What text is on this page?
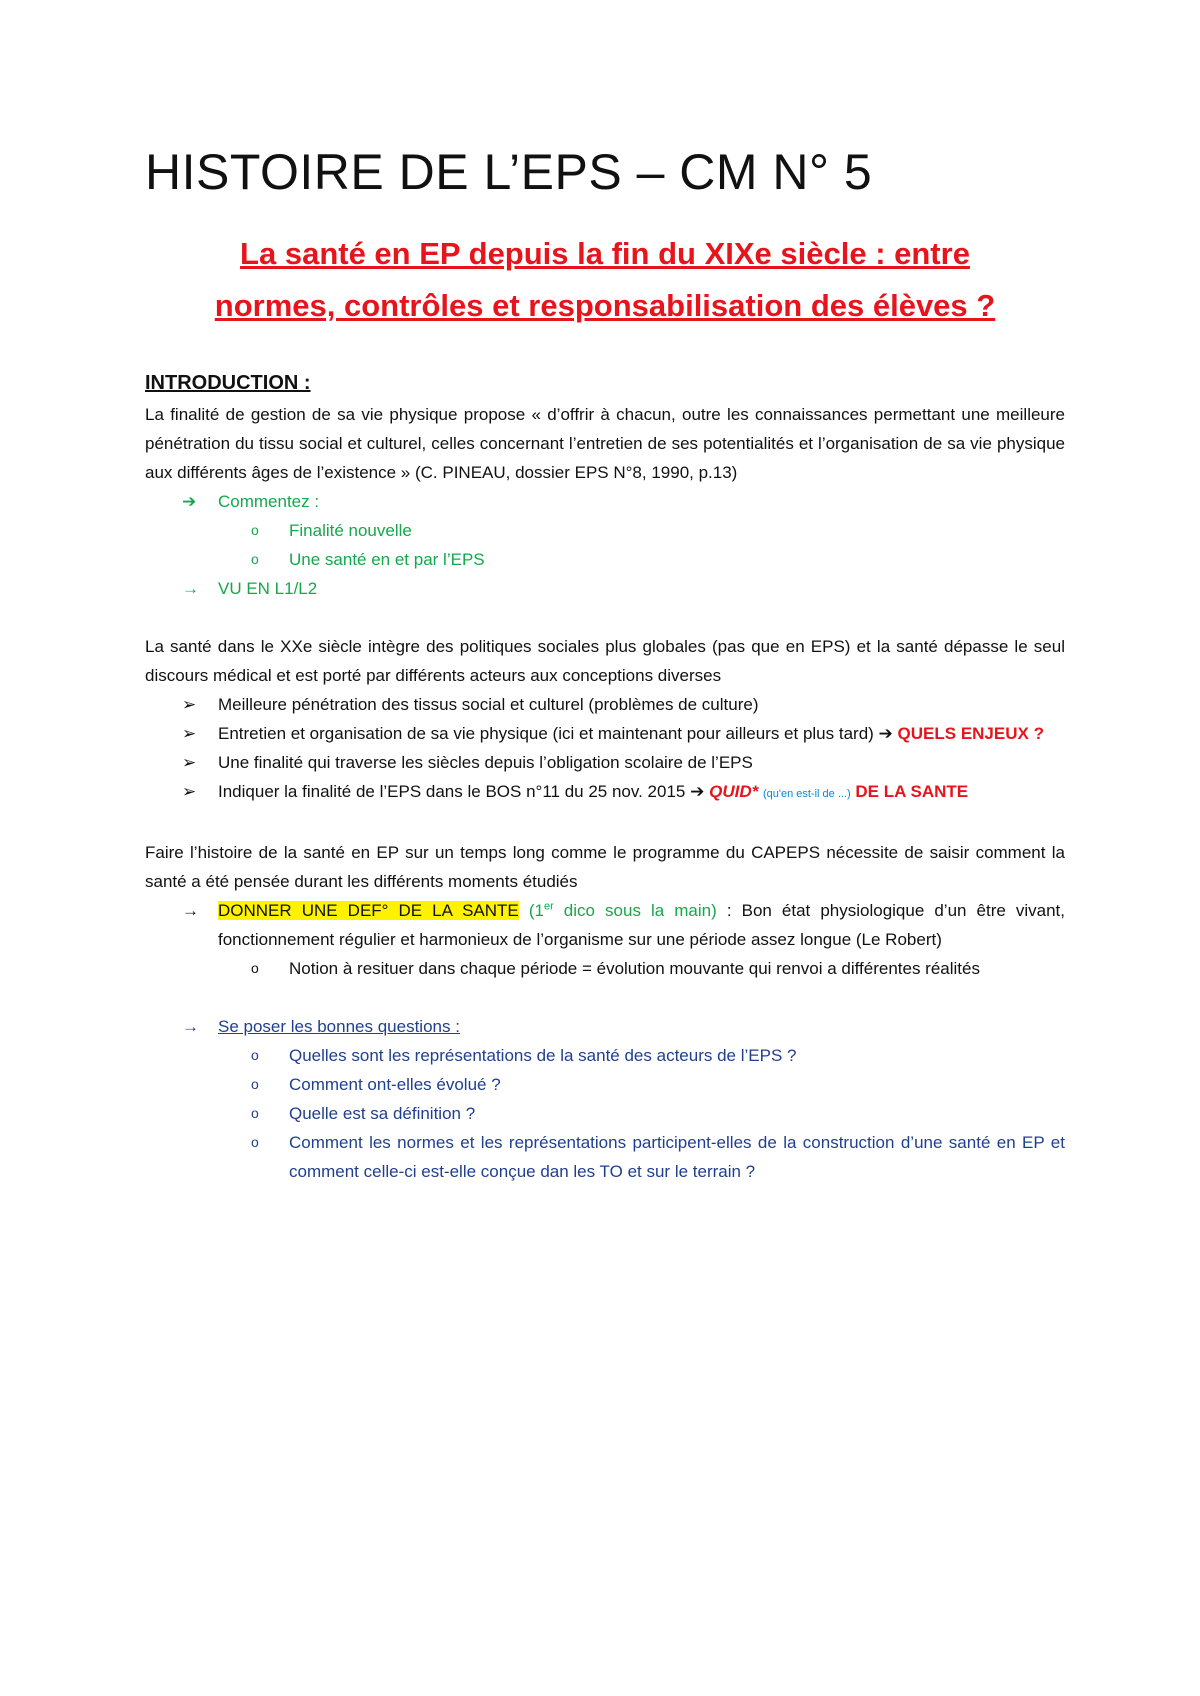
HISTOIRE DE L’EPS – CM N° 5
La santé en EP depuis la fin du XIXe siècle : entre
normes, contrôles et responsabilisation des élèves ?
INTRODUCTION :

La finalité de gestion de sa vie physique propose « d’offrir à chacun, outre les connaissances permettant une meilleure pénétration du tissu social et culturel, celles concernant l’entretien de ses potentialités et l’organisation de sa vie physique aux différents âges de l’existence » (C. PINEAU, dossier EPS N°8, 1990, p.13)

➔	Commentez :
o Finalité nouvelle
o Une santé en et par l’EPS
→	VU EN L1/L2

La santé dans le XXe siècle intègre des politiques sociales plus globales (pas que en EPS) et la santé dépasse le seul discours médical et est porté par différents acteurs aux conceptions diverses

➢	Meilleure pénétration des tissus social et culturel (problèmes de culture)
➢	Entretien et organisation de sa vie physique (ici et maintenant pour ailleurs et plus tard) ➔ QUELS ENJEUX ?
➢	Une finalité qui traverse les siècles depuis l’obligation scolaire de l’EPS
➢	Indiquer la finalité de l’EPS dans le BOS n°11 du 25 nov. 2015 ➔ QUID* (qu'en est-il de ...) DE LA SANTE

Faire l’histoire de la santé en EP sur un temps long comme le programme du CAPEPS nécessite de saisir comment la santé a été pensée durant les différents moments étudiés

→	DONNER UNE DEF° DE LA SANTE (1er dico sous la main) : Bon état physiologique d’un être vivant, fonctionnement régulier et harmonieux de l’organisme sur une période assez longue (Le Robert)
o Notion à resituer dans chaque période = évolution mouvante qui renvoi a différentes réalités
→	Se poser les bonnes questions :
o Quelles sont les représentations de la santé des acteurs de l’EPS ?
o Comment ont-elles évolué ?
o Quelle est sa définition ?
o Comment les normes et les représentations participent-elles de la construction d’une santé en EP et comment celle-ci est-elle conçue dan les TO et sur le terrain ?
